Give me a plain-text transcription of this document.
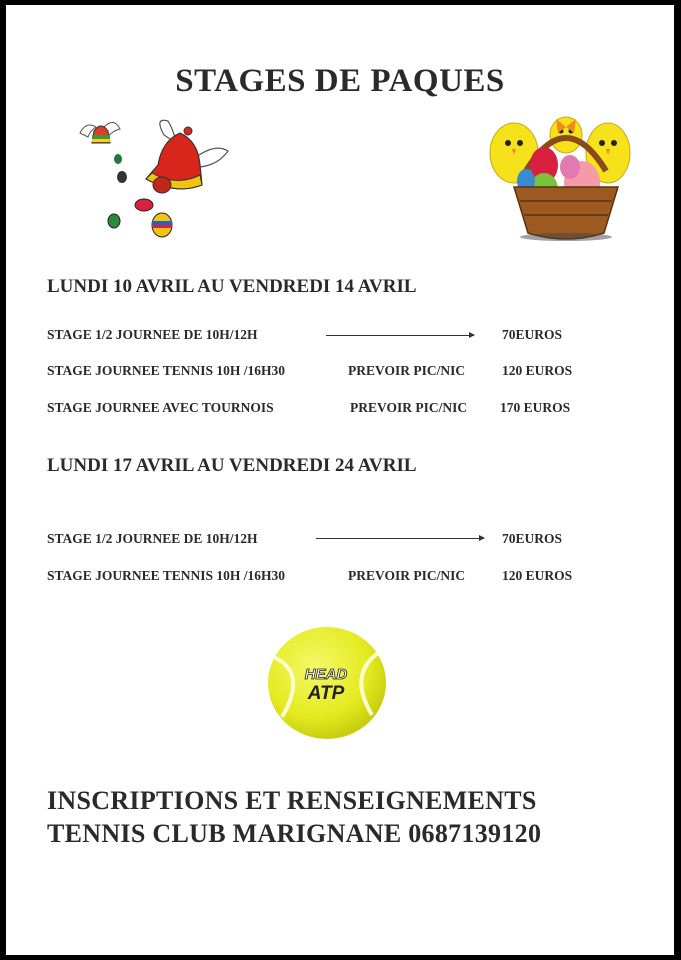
STAGES DE PAQUES
LUNDI 10 AVRIL AU VENDREDI 14 AVRIL
STAGE 1/2 JOURNEE DE 10H/12H	70EUROS
STAGE JOURNEE TENNIS 10H /16H30	PREVOIR PIC/NIC	120 EUROS
STAGE JOURNEE AVEC TOURNOIS	PREVOIR PIC/NIC 170 EUROS
LUNDI 17 AVRIL AU VENDREDI 24 AVRIL
STAGE 1/2 JOURNEE DE 10H/12H	70EUROS
STAGE JOURNEE TENNIS 10H /16H30	PREVOIR PIC/NIC	120 EUROS
HEAD
ATP
INSCRIPTIONS ET RENSEIGNEMENTS
TENNIS CLUB MARIGNANE 0687139120
